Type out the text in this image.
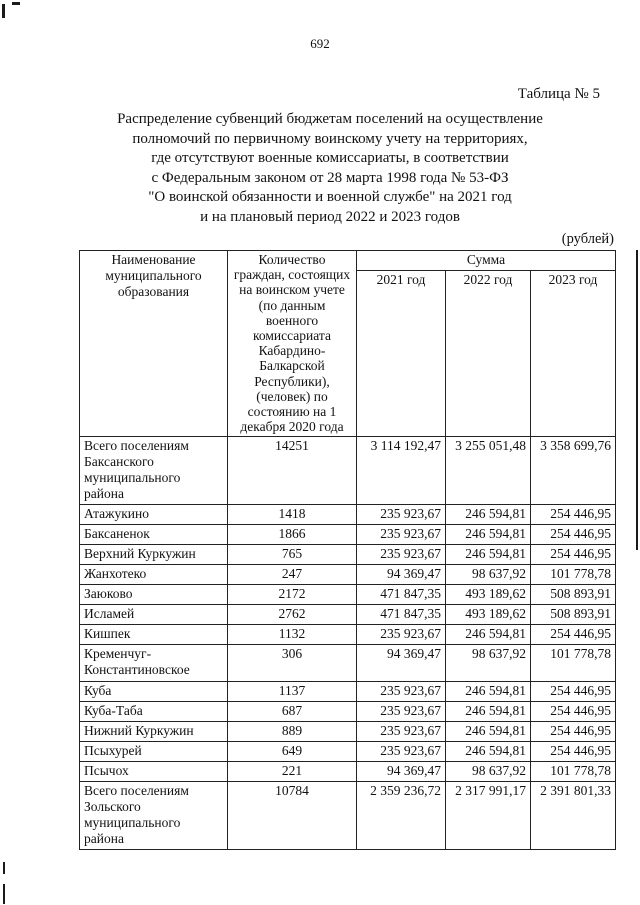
692
Таблица № 5
Распределение субвенций бюджетам поселений на осуществление
полномочий по первичному воинскому учету на территориях,
где отсутствуют военные комиссариаты, в соответствии
с Федеральным законом от 28 марта 1998 года № 53-ФЗ
"О воинской обязанности и военной службе" на 2021 год
и на плановый период 2022 и 2023 годов
(рублей)
Наименование муниципального образования	Количество граждан, состоящих на воинском учете (по данным военного комиссариата Кабардино-Балкарской Республики), (человек) по состоянию на 1 декабря 2020 года	Сумма		
		2021 год	2022 год	2023 год
Всего поселениям Баксанского муниципального района	14251	3 114 192,47	3 255 051,48	3 358 699,76
Атажукино	1418	235 923,67	246 594,81	254 446,95
Баксаненок	1866	235 923,67	246 594,81	254 446,95
Верхний Куркужин	765	235 923,67	246 594,81	254 446,95
Жанхотеко	247	94 369,47	98 637,92	101 778,78
Заюково	2172	471 847,35	493 189,62	508 893,91
Исламей	2762	471 847,35	493 189,62	508 893,91
Кишпек	1132	235 923,67	246 594,81	254 446,95
Кременчуг-Константиновское	306	94 369,47	98 637,92	101 778,78
Куба	1137	235 923,67	246 594,81	254 446,95
Куба-Таба	687	235 923,67	246 594,81	254 446,95
Нижний Куркужин	889	235 923,67	246 594,81	254 446,95
Псыхурей	649	235 923,67	246 594,81	254 446,95
Псычох	221	94 369,47	98 637,92	101 778,78
Всего поселениям Зольского муниципального района	10784	2 359 236,72	2 317 991,17	2 391 801,33
